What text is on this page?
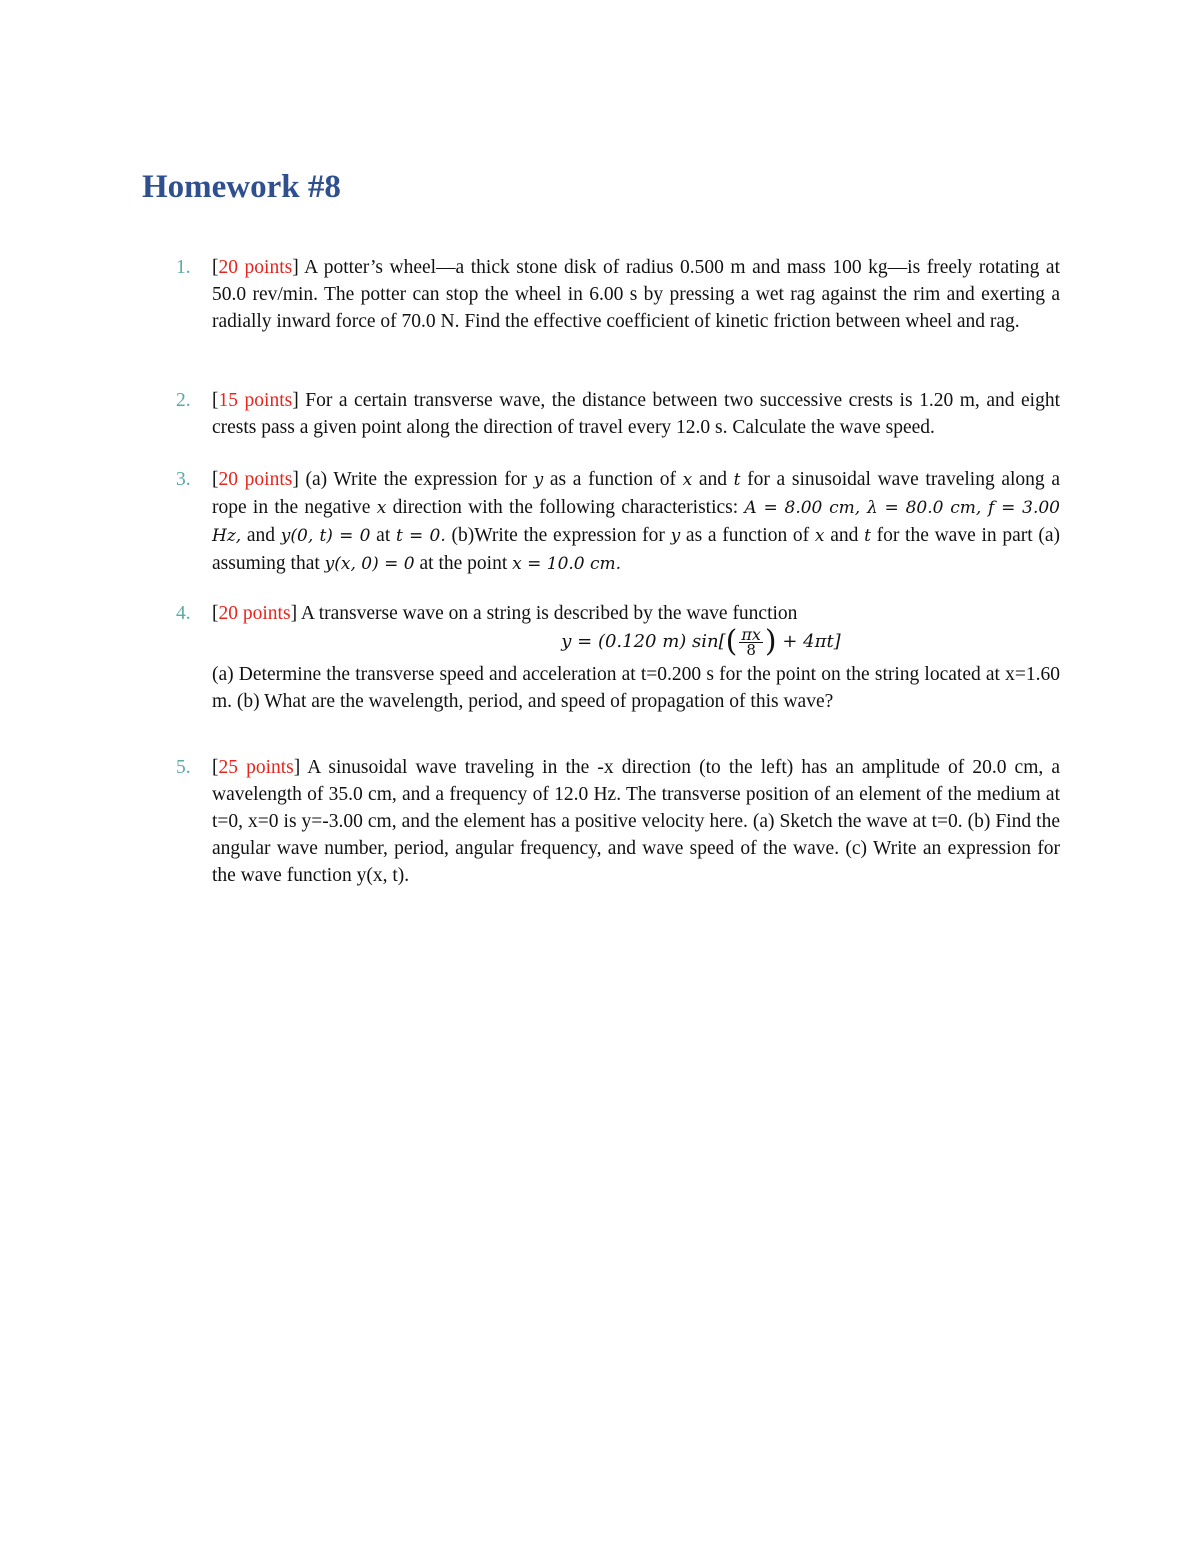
Homework #8
1. [20 points] A potter’s wheel—a thick stone disk of radius 0.500 m and mass 100 kg—is freely rotating at 50.0 rev/min. The potter can stop the wheel in 6.00 s by pressing a wet rag against the rim and exerting a radially inward force of 70.0 N. Find the effective coefficient of kinetic friction between wheel and rag.
2. [15 points] For a certain transverse wave, the distance between two successive crests is 1.20 m, and eight crests pass a given point along the direction of travel every 12.0 s. Calculate the wave speed.
3. [20 points] (a) Write the expression for y as a function of x and t for a sinusoidal wave traveling along a rope in the negative x direction with the following characteristics: A = 8.00 cm, λ = 80.0 cm, f = 3.00 Hz, and y(0, t) = 0 at t = 0. (b)Write the expression for y as a function of x and t for the wave in part (a) assuming that y(x, 0) = 0 at the point x = 10.0 cm.
4. [20 points] A transverse wave on a string is described by the wave function
y = (0.120 m) $\sin[( \frac{\pi x}{8}$ ) + 4πt]
(a) Determine the transverse speed and acceleration at t=0.200 s for the point on the string located at x=1.60 m. (b) What are the wavelength, period, and speed of propagation of this wave?
5. [25 points] A sinusoidal wave traveling in the -x direction (to the left) has an amplitude of 20.0 cm, a wavelength of 35.0 cm, and a frequency of 12.0 Hz. The transverse position of an element of the medium at t=0, x=0 is y=-3.00 cm, and the element has a positive velocity here. (a) Sketch the wave at t=0. (b) Find the angular wave number, period, angular frequency, and wave speed of the wave. (c) Write an expression for the wave function y(x, t).
